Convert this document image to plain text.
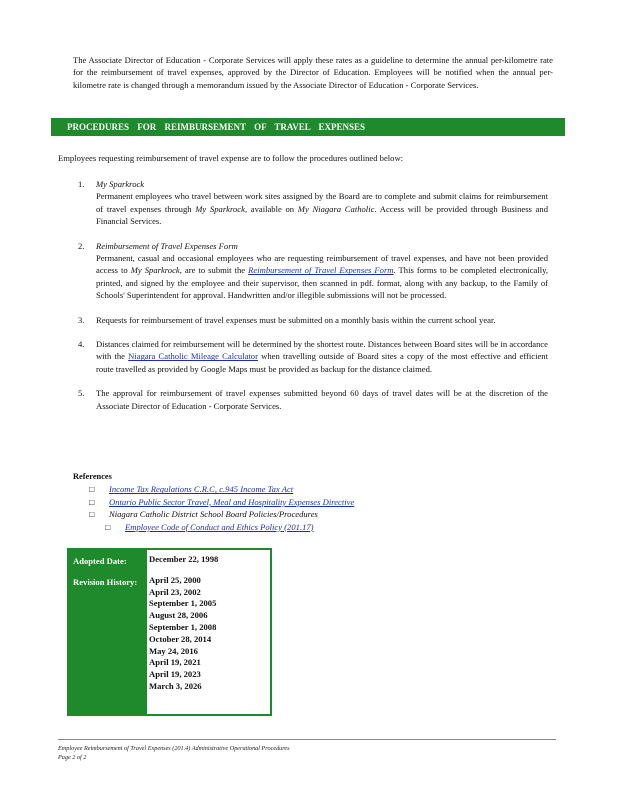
The Associate Director of Education - Corporate Services will apply these rates as a guideline to determine the annual per-kilometre rate for the reimbursement of travel expenses, approved by the Director of Education. Employees will be notified when the annual per-kilometre rate is changed through a memorandum issued by the Associate Director of Education - Corporate Services.
PROCEDURES FOR REIMBURSEMENT OF TRAVEL EXPENSES
Employees requesting reimbursement of travel expense are to follow the procedures outlined below:
1. My Sparkrock
Permanent employees who travel between work sites assigned by the Board are to complete and submit claims for reimbursement of travel expenses through My Sparkrock, available on My Niagara Catholic. Access will be provided through Business and Financial Services.
2. Reimbursement of Travel Expenses Form
Permanent, casual and occasional employees who are requesting reimbursement of travel expenses, and have not been provided access to My Sparkrock, are to submit the Reimbursement of Travel Expenses Form. This forms to be completed electronically, printed, and signed by the employee and their supervisor, then scanned in pdf. format, along with any backup, to the Family of Schools' Superintendent for approval. Handwritten and/or illegible submissions will not be processed.
3. Requests for reimbursement of travel expenses must be submitted on a monthly basis within the current school year.
4. Distances claimed for reimbursement will be determined by the shortest route. Distances between Board sites will be in accordance with the Niagara Catholic Mileage Calculator when travelling outside of Board sites a copy of the most effective and efficient route travelled as provided by Google Maps must be provided as backup for the distance claimed.
5. The approval for reimbursement of travel expenses submitted beyond 60 days of travel dates will be at the discretion of the Associate Director of Education - Corporate Services.
References
□ Income Tax Regulations C.R.C, c.945 Income Tax Act
□ Ontario Public Sector Travel, Meal and Hospitality Expenses Directive
□ Niagara Catholic District School Board Policies/Procedures
□ Employee Code of Conduct and Ethics Policy (201.17)
Adopted Date:
Revision History:
December 22, 1998
April 25, 2000
April 23, 2002
September 1, 2005
August 28, 2006
September 1, 2008
October 28, 2014
May 24, 2016
April 19, 2021
April 19, 2023
March 3, 2026
Employee Reimbursement of Travel Expenses (201.4) Administrative Operational Procedures
Page 2 of 2
